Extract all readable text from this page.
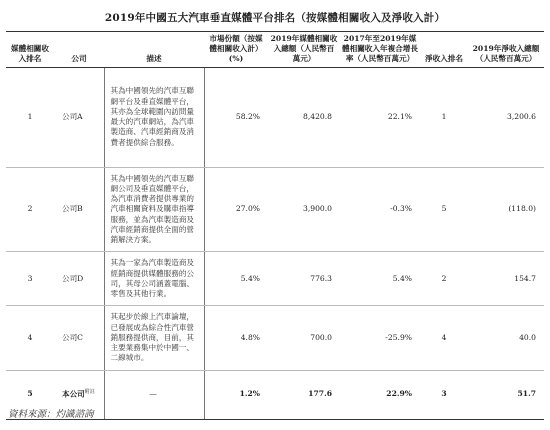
2019年中國五大汽車垂直媒體平台排名（按媒體相關收入及淨收入計）
媒體相關收入排名	公司	描述	市場份額（按媒體相關收入計）(%)	2019年媒體相關收入總額（人民幣百萬元）	2017年至2019年媒體相關收入年複合增長率（人民幣百萬元）	淨收入排名	2019年淨收入總額（人民幣百萬元）
1	公司A	其為中國領先的汽車互聯網平台及垂直媒體平台，其亦為全球範圍內訪問量最大的汽車網站，為汽車製造商、汽車經銷商及消費者提供綜合服務。	58.2%	8,420.8	22.1%	1	3,200.6
2	公司B	其為中國領先的汽車互聯網公司及垂直媒體平台，為汽車消費者提供專業的汽車相關資料及購車指導服務，並為汽車製造商及汽車經銷商提供全面的營銷解決方案。	27.0%	3,900.0	-0.3%	5	(118.0)
3	公司D	其為一家為汽車製造商及經銷商提供媒體服務的公司，其母公司涵蓋電腦、零售及其他行業。	5.4%	776.3	5.4%	2	154.7
4	公司C	其起步於線上汽車論壇，已發展成為綜合性汽車營銷服務提供商，目前，其主要業務集中於中國一、二線城市。	4.8%	700.0	-25.9%	4	40.0
5	本公司$^{附註}$	—	1.2%	177.6	22.9%	3	51.7
資料來源：灼識諮詢
